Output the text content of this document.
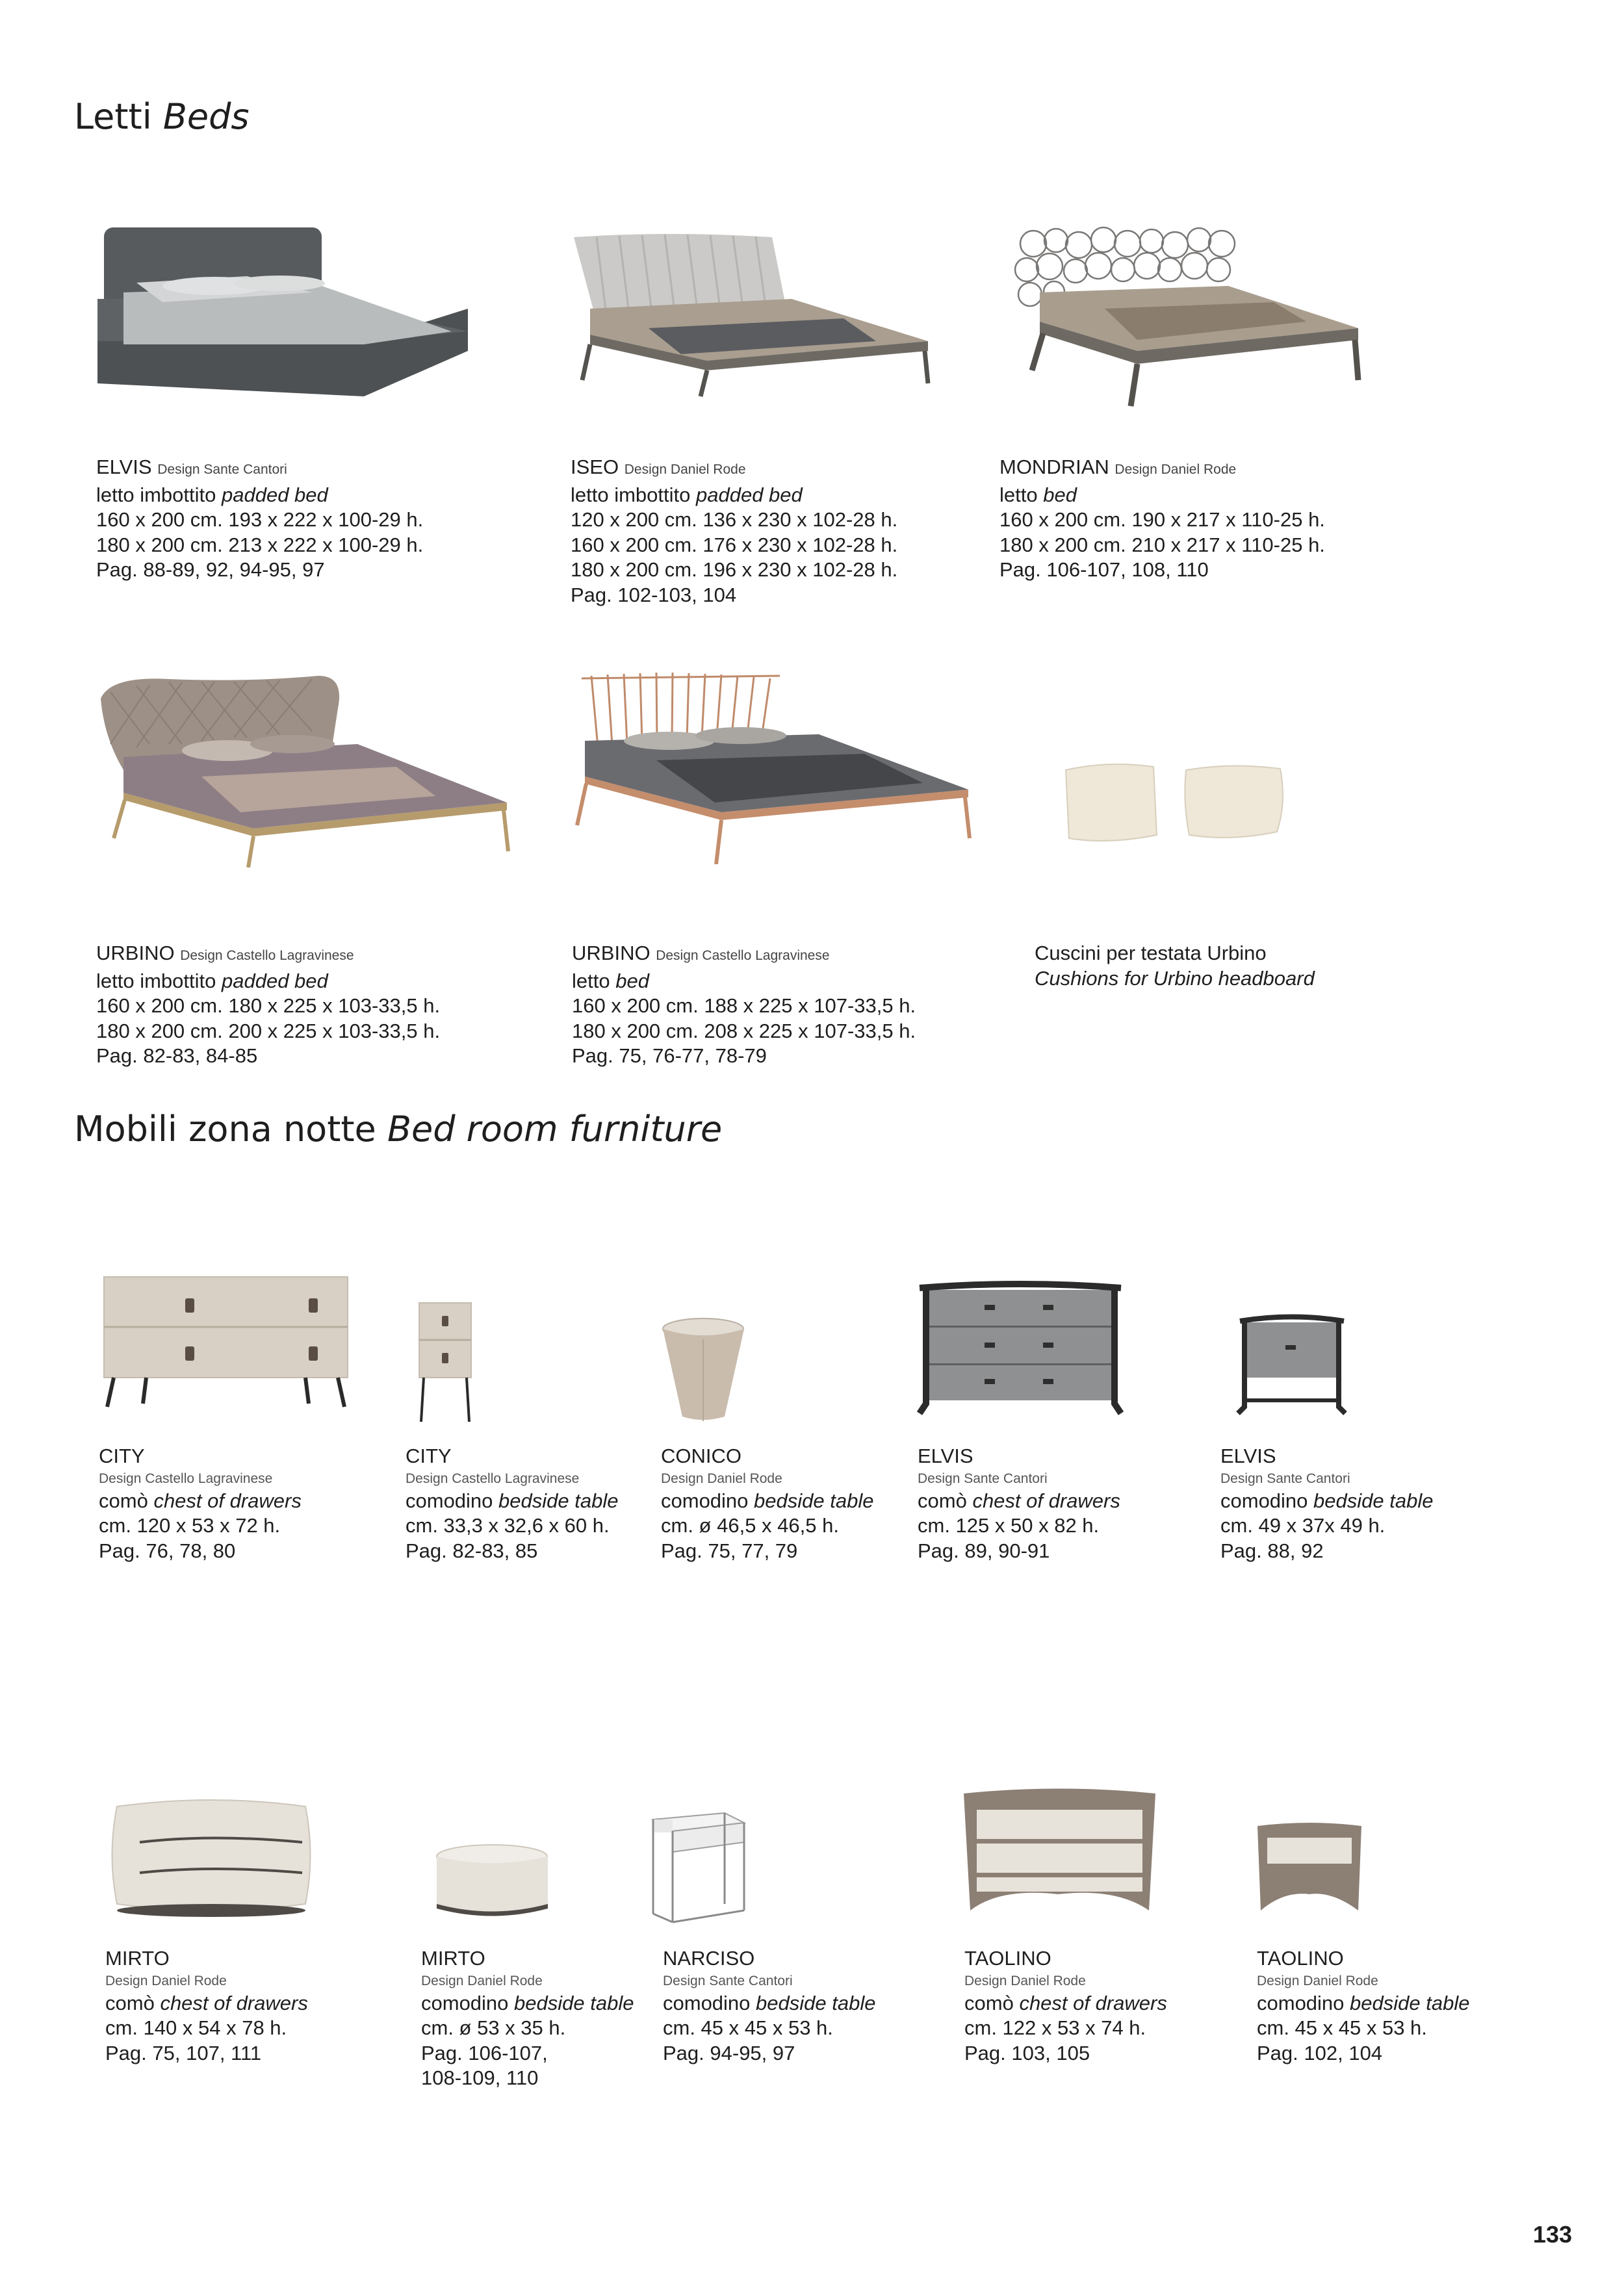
Letti Beds
ELVIS Design Sante Cantori
letto imbottito padded bed
160 x 200 cm. 193 x 222 x 100-29 h.
180 x 200 cm. 213 x 222 x 100-29 h.
Pag. 88-89, 92, 94-95, 97
ISEO Design Daniel Rode
letto imbottito padded bed
120 x 200 cm. 136 x 230 x 102-28 h.
160 x 200 cm. 176 x 230 x 102-28 h.
180 x 200 cm. 196 x 230 x 102-28 h.
Pag. 102-103, 104
MONDRIAN Design Daniel Rode
letto bed
160 x 200 cm. 190 x 217 x 110-25 h.
180 x 200 cm. 210 x 217 x 110-25 h.
Pag. 106-107, 108, 110
URBINO Design Castello Lagravinese
letto imbottito padded bed
160 x 200 cm. 180 x 225 x 103-33,5 h.
180 x 200 cm. 200 x 225 x 103-33,5 h.
Pag. 82-83, 84-85
URBINO Design Castello Lagravinese
letto bed
160 x 200 cm. 188 x 225 x 107-33,5 h.
180 x 200 cm. 208 x 225 x 107-33,5 h.
Pag. 75, 76-77, 78-79
Cuscini per testata Urbino
Cushions for Urbino headboard
Mobili zona notte Bed room furniture
CITY
Design Castello Lagravinese
comò chest of drawers
cm. 120 x 53 x 72 h.
Pag. 76, 78, 80
CITY
Design Castello Lagravinese
comodino bedside table
cm. 33,3 x 32,6 x 60 h.
Pag. 82-83, 85
CONICO
Design Daniel Rode
comodino bedside table
cm. ø 46,5 x 46,5 h.
Pag. 75, 77, 79
ELVIS
Design Sante Cantori
comò chest of drawers
cm. 125 x 50 x 82 h.
Pag. 89, 90-91
ELVIS
Design Sante Cantori
comodino bedside table
cm. 49 x 37x 49 h.
Pag. 88, 92
MIRTO
Design Daniel Rode
comò chest of drawers
cm. 140 x 54 x 78 h.
Pag. 75, 107, 111
MIRTO
Design Daniel Rode
comodino bedside table
cm. ø 53 x 35 h.
Pag. 106-107,
108-109, 110
NARCISO
Design Sante Cantori
comodino bedside table
cm. 45 x 45 x 53 h.
Pag. 94-95, 97
TAOLINO
Design Daniel Rode
comò chest of drawers
cm. 122 x 53 x 74 h.
Pag. 103, 105
TAOLINO
Design Daniel Rode
comodino bedside table
cm. 45 x 45 x 53 h.
Pag. 102, 104
133
